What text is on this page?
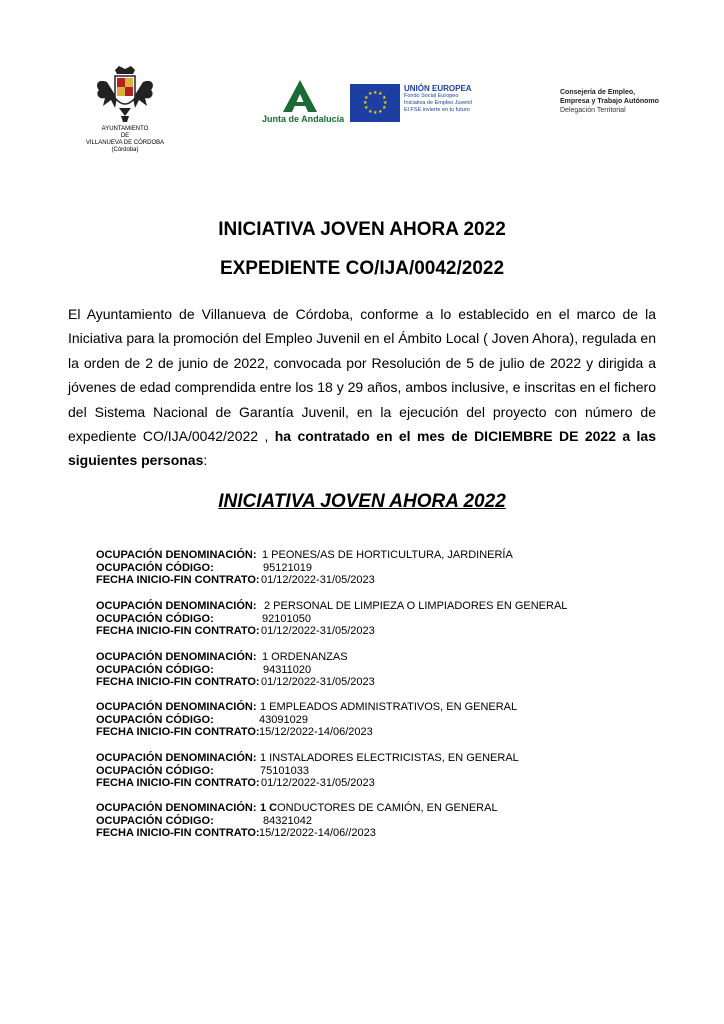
AYUNTAMIENTO
DE
VILLANUEVA DE CÓRDOBA
(Córdoba)
Junta de Andalucía
★ ★
★
★
★
★
★
★
★
★
★
★
UNIÓN EUROPEA
Fondo Social Europeo
Iniciativa de Empleo Juvenil
El FSE invierte en tu futuro
Consejería de Empleo,
Empresa y Trabajo Autónomo
Delegación Territorial
INICIATIVA JOVEN AHORA 2022
EXPEDIENTE CO/IJA/0042/2022
El Ayuntamiento de Villanueva de Córdoba, conforme a lo establecido en el marco de la Iniciativa para la promoción del Empleo Juvenil en el Ámbito Local ( Joven Ahora), regulada en la orden de 2 de junio de 2022, convocada por Resolución de 5 de julio de 2022 y dirigida a jóvenes de edad comprendida entre los 18 y 29 años, ambos inclusive, e inscritas en el fichero del Sistema Nacional de Garantía Juvenil, en la ejecución del proyecto con número de expediente CO/IJA/0042/2022 , ha contratado en el mes de DICIEMBRE DE 2022 a las siguientes personas:
INICIATIVA JOVEN AHORA 2022
OCUPACIÓN DENOMINACIÓN: 1 PEONES/AS DE HORTICULTURA, JARDINERÍA
OCUPACIÓN CÓDIGO:	95121019
FECHA INICIO-FIN CONTRATO: 01/12/2022-31/05/2023
OCUPACIÓN DENOMINACIÓN: 2 PERSONAL DE LIMPIEZA O LIMPIADORES EN GENERAL
OCUPACIÓN CÓDIGO:	92101050
FECHA INICIO-FIN CONTRATO: 01/12/2022-31/05/2023
OCUPACIÓN DENOMINACIÓN: 1 ORDENANZAS
OCUPACIÓN CÓDIGO:	94311020
FECHA INICIO-FIN CONTRATO: 01/12/2022-31/05/2023
OCUPACIÓN DENOMINACIÓN: 1 EMPLEADOS ADMINISTRATIVOS, EN GENERAL
OCUPACIÓN CÓDIGO:	43091029
FECHA INICIO-FIN CONTRATO: 15/12/2022-14/06/2023
OCUPACIÓN DENOMINACIÓN: 1 INSTALADORES ELECTRICISTAS, EN GENERAL
OCUPACIÓN CÓDIGO:	75101033
FECHA INICIO-FIN CONTRATO: 01/12/2022-31/05/2023
OCUPACIÓN DENOMINACIÓN: 1 CONDUCTORES DE CAMIÓN, EN GENERAL
OCUPACIÓN CÓDIGO:	84321042
FECHA INICIO-FIN CONTRATO: 15/12/2022-14/06//2023
